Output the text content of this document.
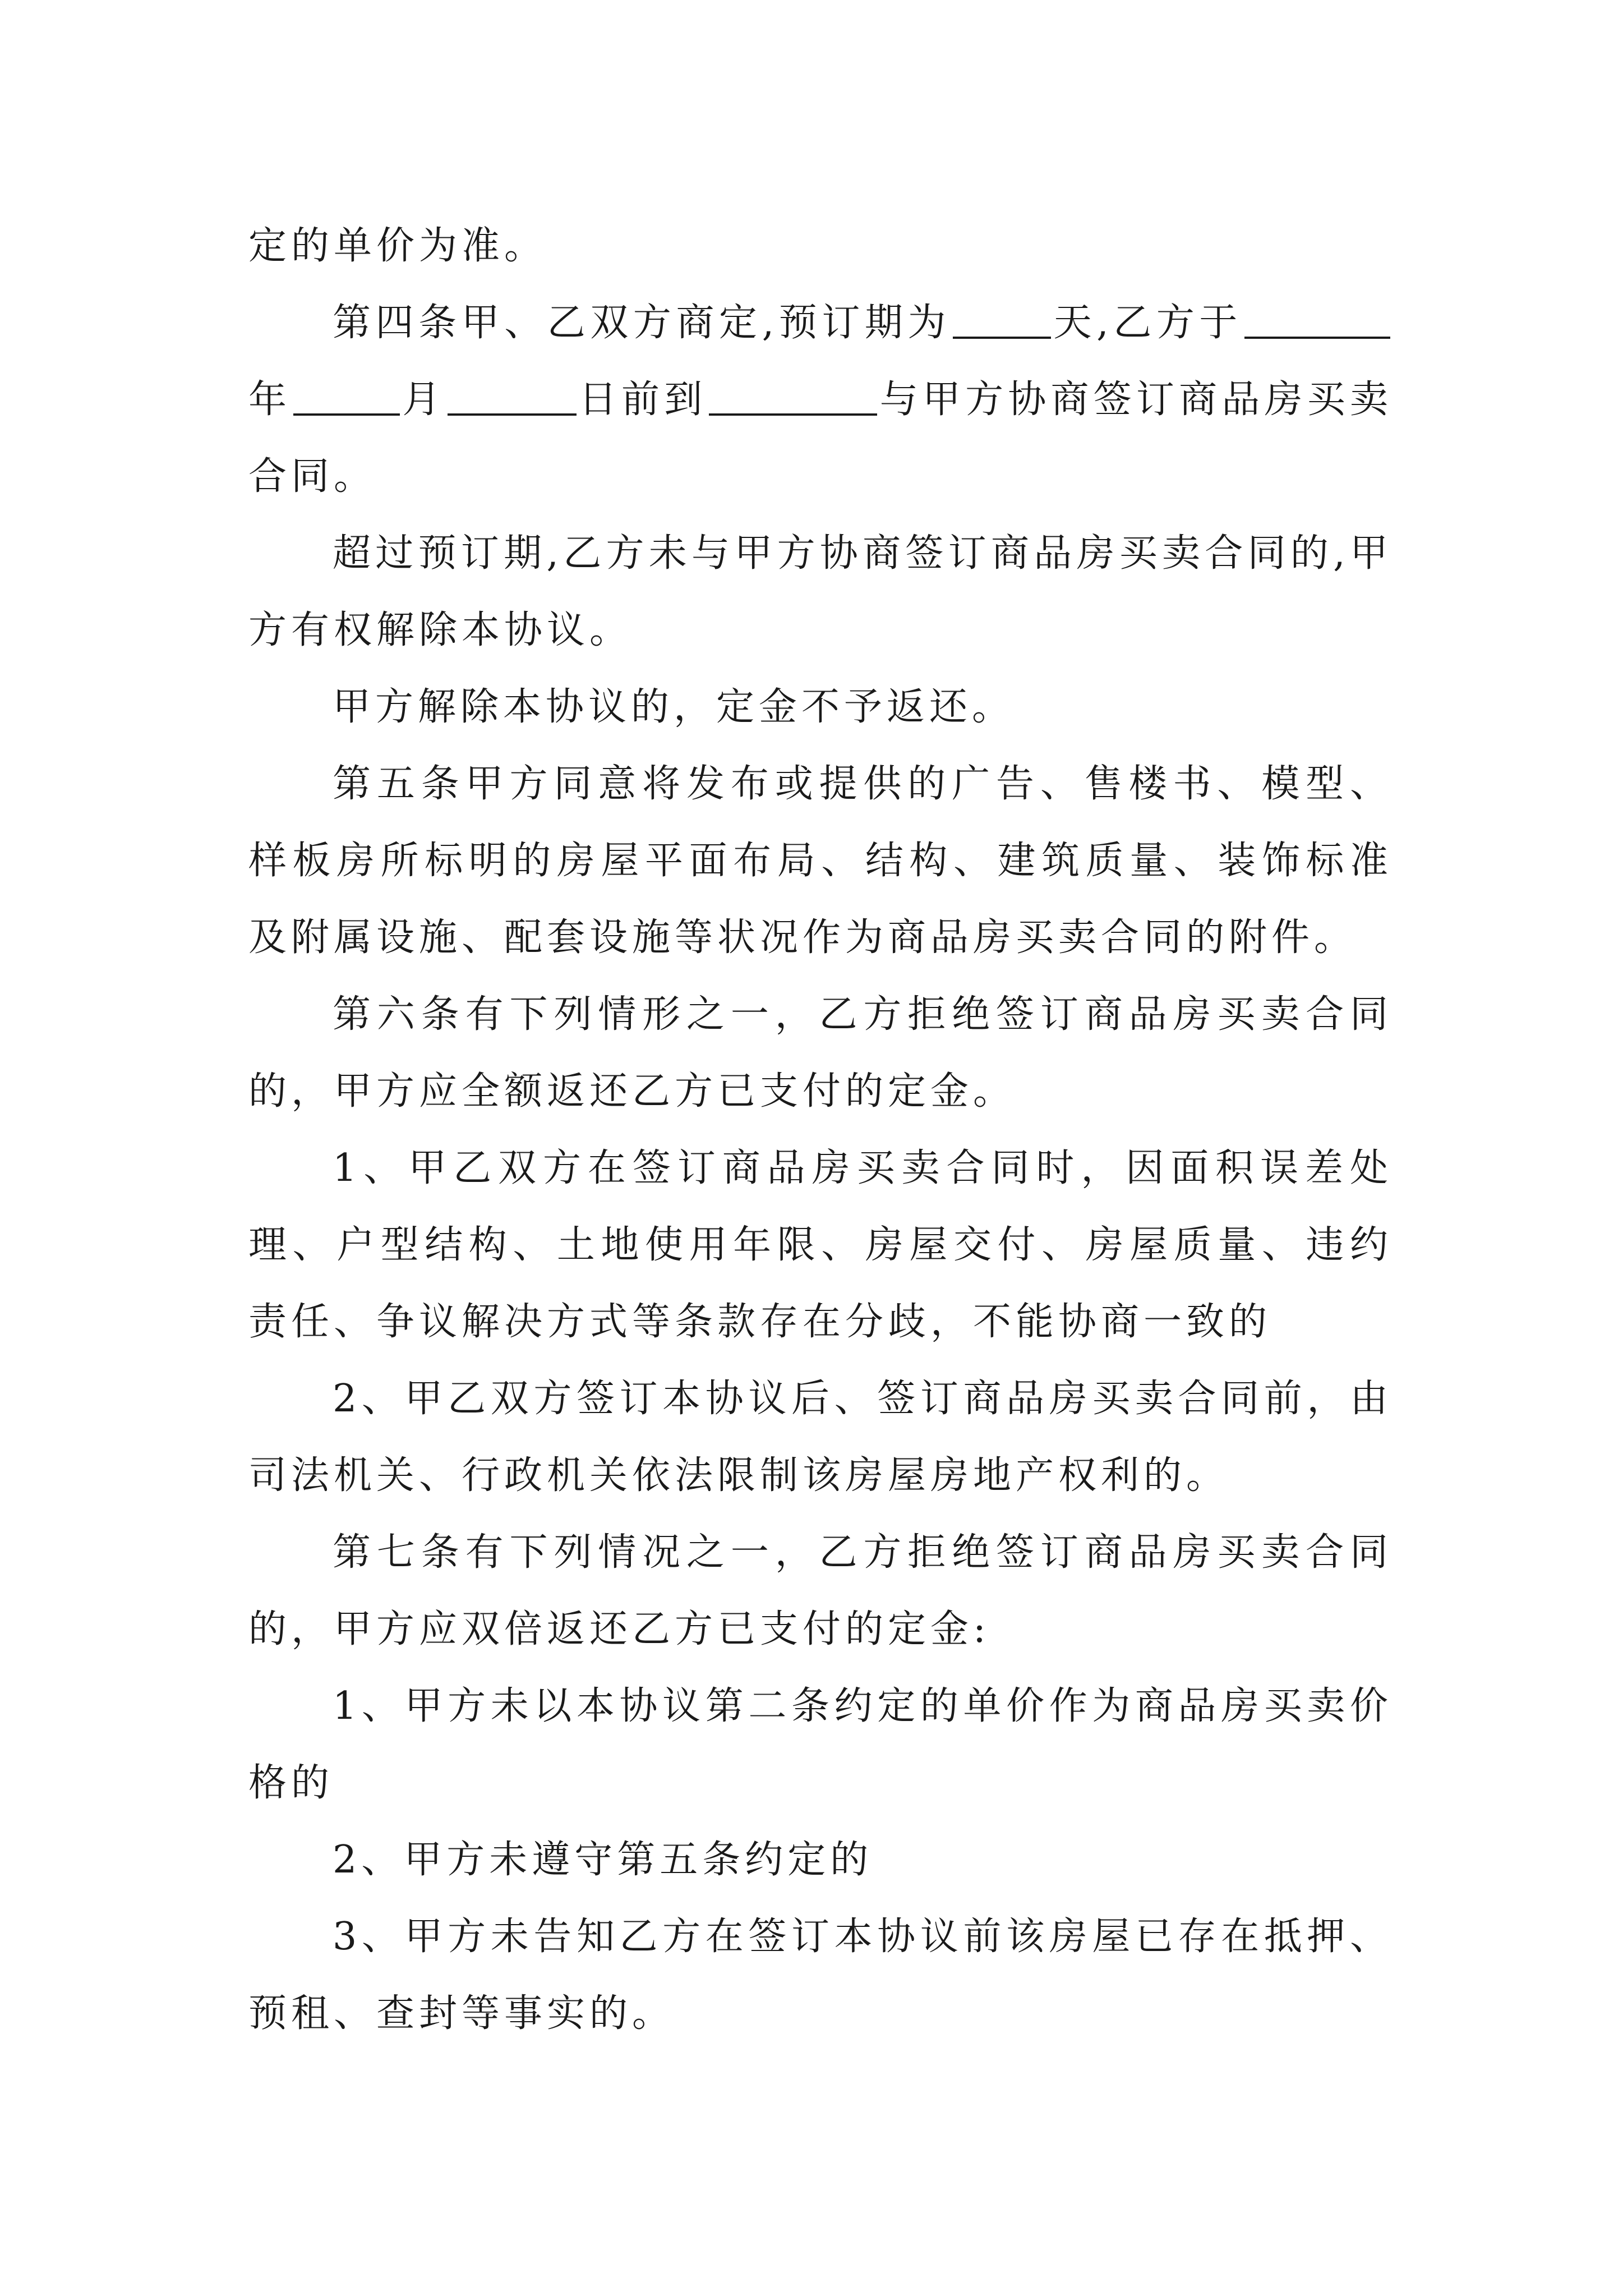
定的单价为准。

第四条甲、乙双方商定,预订期为	天,乙方于年	月	日前到	与甲方协商签订商品房买卖合同。

超过预订期,乙方未与甲方协商签订商品房买卖合同的,甲方有权解除本协议。

甲方解除本协议的，定金不予返还。

第五条甲方同意将发布或提供的广告、售楼书、模型、样板房所标明的房屋平面布局、结构、建筑质量、装饰标准及附属设施、配套设施等状况作为商品房买卖合同的附件。

第六条有下列情形之一，乙方拒绝签订商品房买卖合同的，甲方应全额返还乙方已支付的定金。

1、甲乙双方在签订商品房买卖合同时，因面积误差处理、户型结构、土地使用年限、房屋交付、房屋质量、违约责任、争议解决方式等条款存在分歧，不能协商一致的

2、甲乙双方签订本协议后、签订商品房买卖合同前，由司法机关、行政机关依法限制该房屋房地产权利的。

第七条有下列情况之一，乙方拒绝签订商品房买卖合同的，甲方应双倍返还乙方已支付的定金:

1、甲方未以本协议第二条约定的单价作为商品房买卖价格的

2、甲方未遵守第五条约定的

3、甲方未告知乙方在签订本协议前该房屋已存在抵押、预租、查封等事实的。
